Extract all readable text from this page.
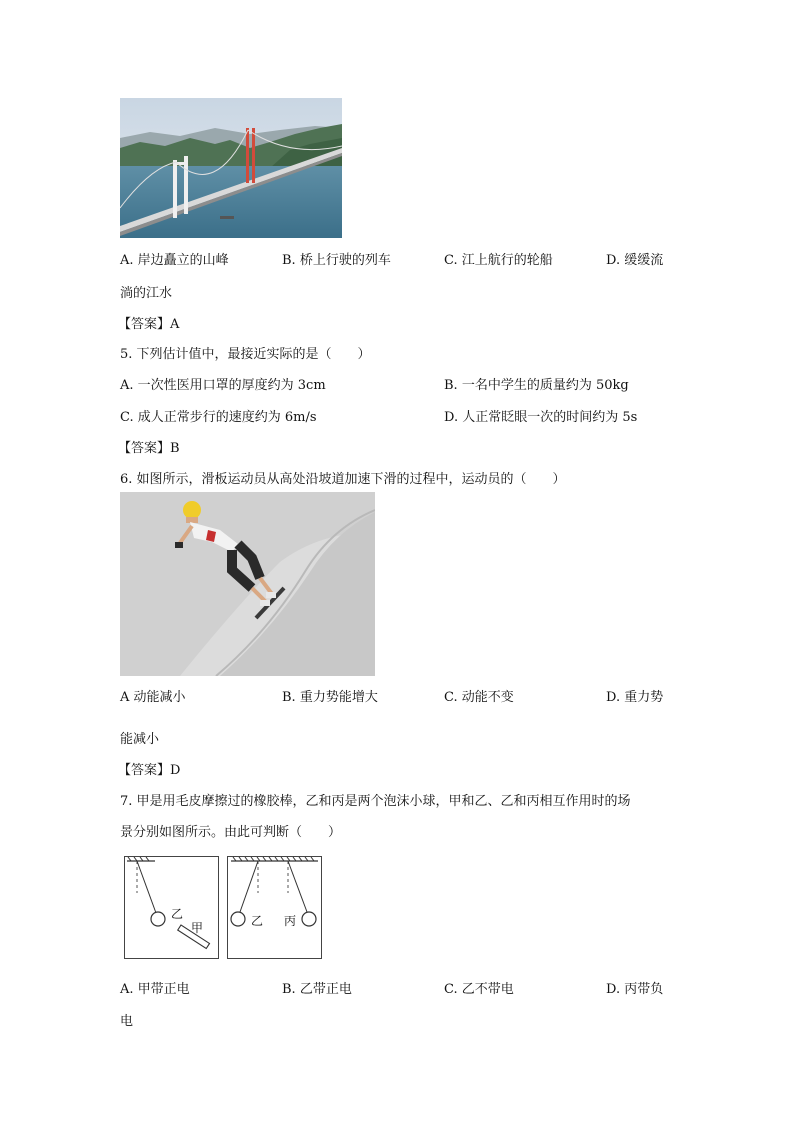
A. 岸边矗立的山峰	B. 桥上行驶的列车	C. 江上航行的轮船	D. 缓缓流
淌的江水
【答案】A
5. 下列估计值中，最接近实际的是（　　）
A. 一次性医用口罩的厚度约为 3cm	B. 一名中学生的质量约为 50kg
C. 成人正常步行的速度约为 6m/s	D. 人正常眨眼一次的时间约为 5s
【答案】B
6. 如图所示，滑板运动员从高处沿坡道加速下滑的过程中，运动员的（　　）
A 动能减小	B. 重力势能增大	C. 动能不变	D. 重力势
能减小
【答案】D
7. 甲是用毛皮摩擦过的橡胶棒，乙和丙是两个泡沫小球，甲和乙、乙和丙相互作用时的场
景分别如图所示。由此可判断（　　）
乙
甲	乙 丙
A. 甲带正电	B. 乙带正电	C. 乙不带电	D. 丙带负
电
